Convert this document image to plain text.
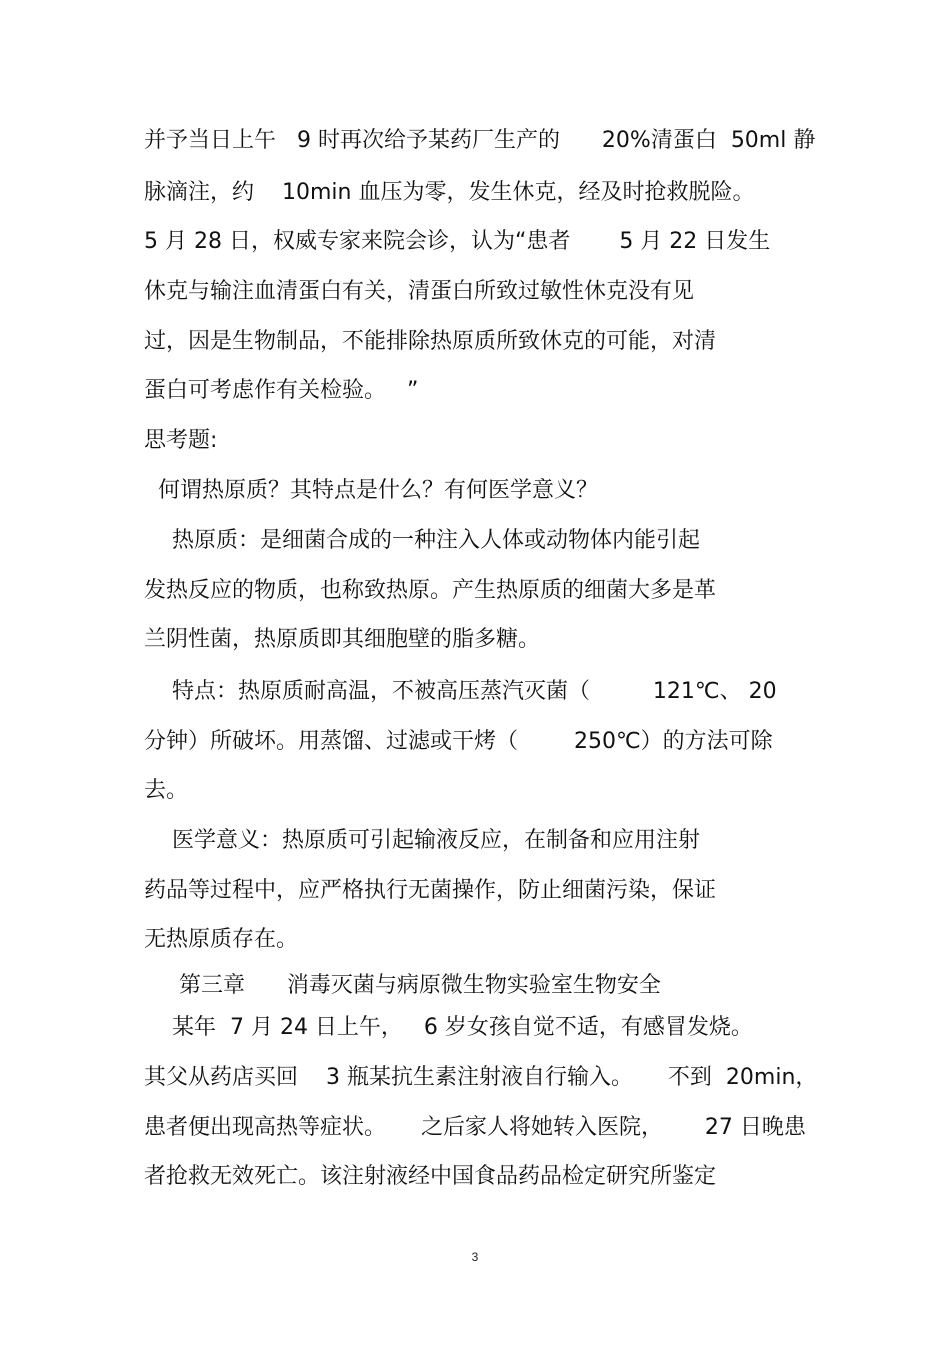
并予当日上午   9 时再次给予某药厂生产的      20%清蛋白  50ml 静
脉滴注，约    10min 血压为零，发生休克，经及时抢救脱险。
5 月 28 日，权威专家来院会诊，认为“患者       5 月 22 日发生
休克与输注血清蛋白有关，清蛋白所致过敏性休克没有见
过，因是生物制品，不能排除热原质所致休克的可能，对清
蛋白可考虑作有关检验。   ”
思考题:
何谓热原质？其特点是什么？有何医学意义？
热原质：是细菌合成的一种注入人体或动物体内能引起
发热反应的物质，也称致热原。产生热原质的细菌大多是革
兰阴性菌，热原质即其细胞壁的脂多糖。
特点：热原质耐高温，不被高压蒸汽灭菌（         121℃、 20
分钟）所破坏。用蒸馏、过滤或干烤（        250℃）的方法可除
去。
医学意义：热原质可引起输液反应，在制备和应用注射
药品等过程中，应严格执行无菌操作，防止细菌污染，保证
无热原质存在。
第三章      消毒灭菌与病原微生物实验室生物安全
某年  7 月 24 日上午，   6 岁女孩自觉不适，有感冒发烧。
其父从药店买回    3 瓶某抗生素注射液自行输入。     不到  20min，
患者便出现高热等症状。     之后家人将她转入医院，      27 日晚患
者抢救无效死亡。该注射液经中国食品药品检定研究所鉴定
3
